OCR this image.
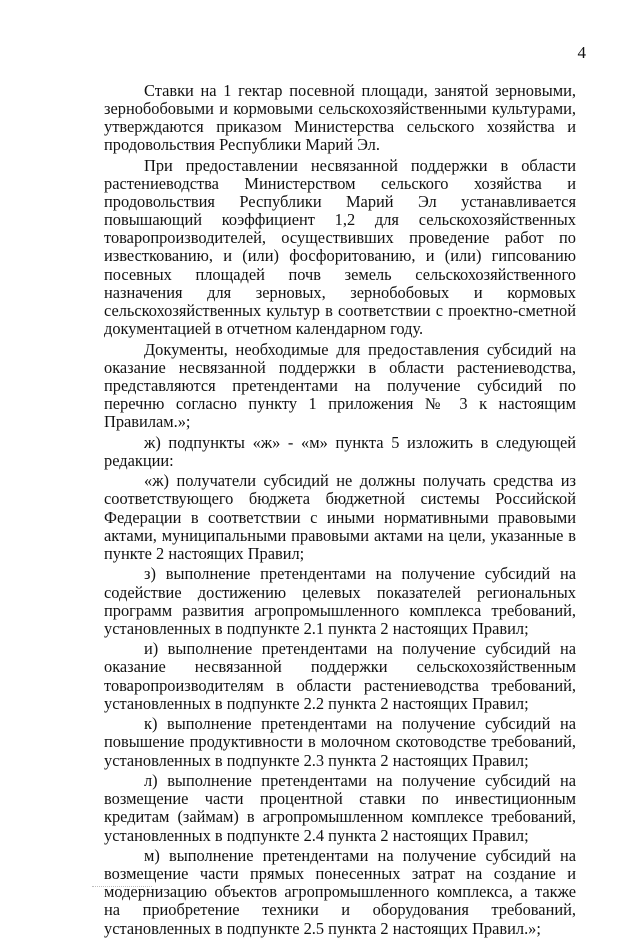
4

Ставки на 1 гектар посевной площади, занятой зерновыми, зернобобовыми и кормовыми сельскохозяйственными культурами, утверждаются приказом Министерства сельского хозяйства и продовольствия Республики Марий Эл.

При предоставлении несвязанной поддержки в области растениеводства Министерством сельского хозяйства и продовольствия Республики Марий Эл устанавливается повышающий коэффициент 1,2 для сельскохозяйственных товаропроизводителей, осуществивших проведение работ по известкованию, и (или) фосфоритованию, и (или) гипсованию посевных площадей почв земель сельскохозяйственного назначения для зерновых, зернобобовых и кормовых сельскохозяйственных культур в соответствии с проектно-сметной документацией в отчетном календарном году.

Документы, необходимые для предоставления субсидий на оказание несвязанной поддержки в области растениеводства, представляются претендентами на получение субсидий по перечню согласно пункту 1 приложения № 3 к настоящим Правилам.»;

ж) подпункты «ж» - «м» пункта 5 изложить в следующей редакции:

«ж) получатели субсидий не должны получать средства из соответствующего бюджета бюджетной системы Российской Федерации в соответствии с иными нормативными правовыми актами, муниципальными правовыми актами на цели, указанные в пункте 2 настоящих Правил;

з) выполнение претендентами на получение субсидий на содействие достижению целевых показателей региональных программ развития агропромышленного комплекса требований, установленных в подпункте 2.1 пункта 2 настоящих Правил;

и) выполнение претендентами на получение субсидий на оказание несвязанной поддержки сельскохозяйственным товаропроизводителям в области растениеводства требований, установленных в подпункте 2.2 пункта 2 настоящих Правил;

к) выполнение претендентами на получение субсидий на повышение продуктивности в молочном скотоводстве требований, установленных в подпункте 2.3 пункта 2 настоящих Правил;

л) выполнение претендентами на получение субсидий на возмещение части процентной ставки по инвестиционным кредитам (займам) в агропромышленном комплексе требований, установленных в подпункте 2.4 пункта 2 настоящих Правил;

м) выполнение претендентами на получение субсидий на возмещение части прямых понесенных затрат на создание и модернизацию объектов агропромышленного комплекса, а также на приобретение техники и оборудования требований, установленных в подпункте 2.5 пункта 2 настоящих Правил.»;
